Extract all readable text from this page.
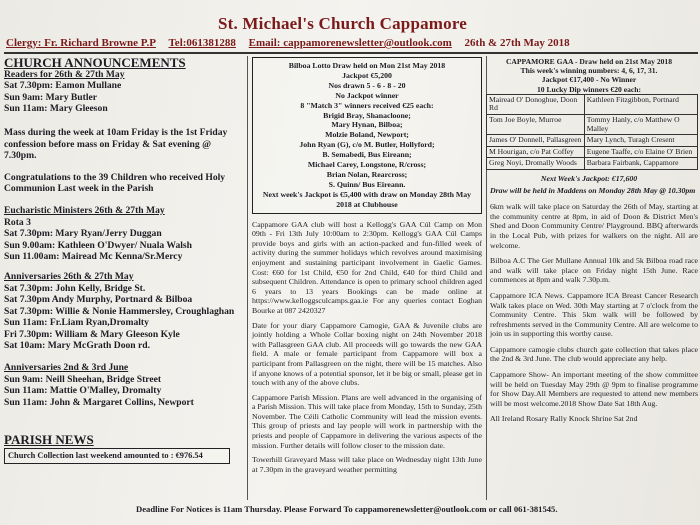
St. Michael's Church Cappamore
Clergy: Fr. Richard Browne P.P Tel:061381288 Email: cappamorenewsletter@outlook.com 26th & 27th May 2018
CHURCH ANNOUNCEMENTS

Readers for 26th & 27th May

Sat 7.30pm: Eamon Mullane

Sun 9am: Mary Butler

Sun 11am: Mary Gleeson

Mass during the week at 10am Friday is the 1st Friday confession before mass on Friday & Sat evening @ 7.30pm.

Congratulations to the 39 Children who received Holy Communion Last week in the Parish

Eucharistic Ministers 26th & 27th May

Rota 3

Sat 7.30pm: Mary Ryan/Jerry Duggan

Sun 9.00am: Kathleen O'Dwyer/ Nuala Walsh

Sun 11.00am: Mairead Mc Kenna/Sr.Mercy

Anniversaries 26th & 27th May

Sat 7.30pm: John Kelly, Bridge St.

Sat 7.30pm Andy Murphy, Portnard & Bilboa

Sat 7.30pm: Willie & Nonie Hammersley, Croughlaghan

Sun 11am: Fr.Liam Ryan,Dromalty

Fri 7.30pm: William & Mary Gleeson Kyle

Sat 10am: Mary McGrath Doon rd.

Anniversaries 2nd & 3rd June

Sun 9am: Neill Sheehan, Bridge Street

Sun 11am: Mattie O'Malley, Dromalty

Sun 11am: John & Margaret Collins, Newport

PARISH NEWS
Church Collection last weekend amounted to : €976.54

Bilboa Lotto Draw held on Mon 21st May 2018

Jackpot €5,200

Nos drawn 5 - 6 - 8 - 20

No Jackpot winner

8 "Match 3" winners received €25 each:

Brigid Bray, Shanacloone;

Mary Hynan, Bilboa;

Molzie Boland, Newport;

John Ryan (G), c/o M. Butler, Hollyford;

B. Semabedi, Bus Eireann;

Michael Carey, Longstone, R/cross;

Brian Nolan, Rearcross;

S. Quinn/ Bus Eireann.

Next week's Jackpot is €5,400 with draw on Monday 28th May 2018 at Clubhouse

Cappamore GAA club will host a Kellogg's GAA Cúl Camp on Mon 09th - Fri 13th July 10:00am to 2:30pm. Kellogg's GAA Cúl Camps provide boys and girls with an action-packed and fun-filled week of activity during the summer holidays which revolves around maximising enjoyment and sustaining participant involvement in Gaelic Games. Cost: €60 for 1st Child, €50 for 2nd Child, €40 for third Child and subsequent Children. Attendance is open to primary school children aged 6 years to 13 years Bookings can be made online at https://www.kelloggsculcamps.gaa.ie For any queries contact Eoghan Bourke at 087 2420327

Date for your diary Cappamore Camogie, GAA & Juvenile clubs are jointly holding a Whole Collar boxing night on 24th November 2018 with Pallasgreen GAA club. All proceeds will go towards the new GAA field. A male or female participant from Cappamore will box a participant from Pallasgreen on the night, there will be 15 matches. Also if anyone knows of a potential sponsor, let it be big or small, please get in touch with any of the above clubs.

Cappamore Parish Mission. Plans are well advanced in the organising of a Parish Mission. This will take place from Monday, 15th to Sunday, 25th November. The Céili Catholic Community will lead the mission events. This group of priests and lay people will work in partnership with the priests and people of Cappamore in delivering the various aspects of the mission. Further details will follow closer to the mission date.

Towerhill Graveyard Mass will take place on Wednesday night 13th June at 7.30pm in the graveyard weather permitting

CAPPAMORE GAA - Draw held on 21st May 2018

This week's winning numbers: 4, 6, 17, 31.

Jackpot €17,400 - No Winner

10 Lucky Dip winners €20 each:

Mairead O' Donoghue, Doon Rd	Kathleen Fitzgibbon, Portnard
Tom Joe Boyle, Murroe	Tommy Hanly, c/o Matthew O Malley
James O' Donnell, Pallasgreen	Mary Lynch, Turagh Cresent
M Hourigan, c/o Pat Coffey	Eugene Taaffe, c/o Elaine O' Brien
Greg Noyi, Dromally Woods	Barbara Fairbank, Cappamore

Next Week's Jackpot: €17,600

Draw will be held in Maddens on Monday 28th May @ 10.30pm

6km walk will take place on Saturday the 26th of May, starting at the community centre at 8pm, in aid of Doon & District Men's Shed and Doon Community Centre/ Playground. BBQ afterwards in the Local Pub, with prizes for walkers on the night. All are welcome.

Bilboa A.C The Ger Mullane Annual 10k and 5k Bilboa road race and walk will take place on Friday night 15th June. Race commences at 8pm and walk 7.30p.m.

Cappamore ICA News. Cappamore ICA Breast Cancer Research Walk takes place on Wed. 30th May starting at 7 o'clock from the Community Centre. This 5km walk will be followed by refreshments served in the Community Centre. All are welcome to join us in supporting this worthy cause.

Cappamore camogie clubs church gate collection that takes place the 2nd & 3rd June. The club would appreciate any help.

Cappamore Show- An important meeting of the show committee will be held on Tuesday May 29th @ 9pm to finalise programme for Show Day.All Members are requested to attend new members will be most welcome.2018 Show Date Sat 18th Aug.

All Ireland Rosary Rally Knock Shrine Sat 2nd

Deadline For Notices is 11am Thursday. Please Forward To cappamorenewsletter@outlook.com or call 061-381545.
